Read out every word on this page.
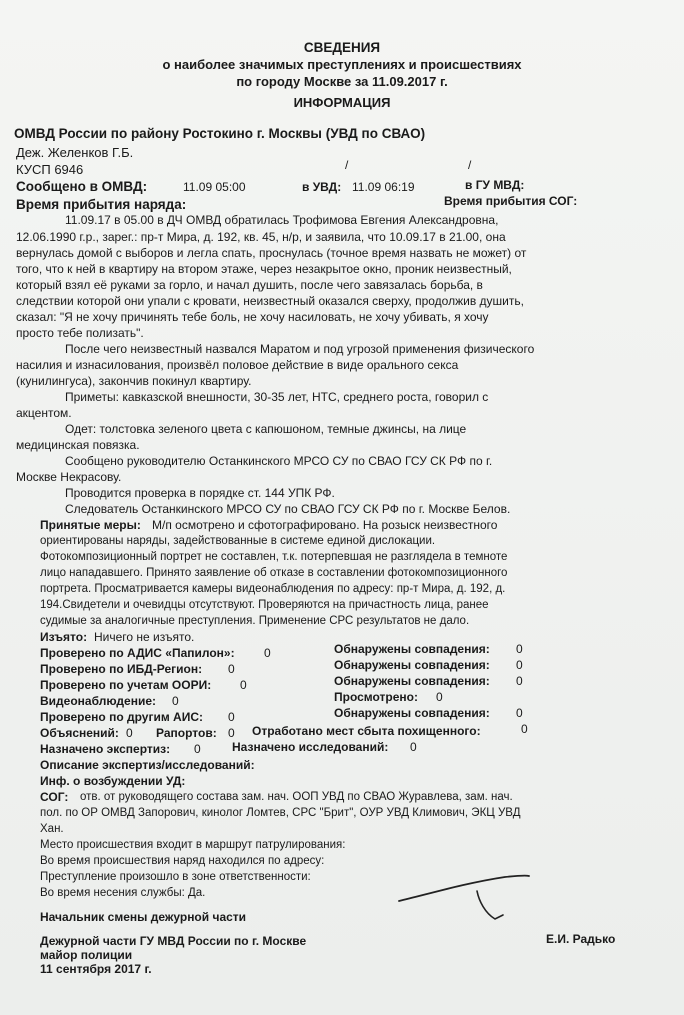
СВЕДЕНИЯ
о наиболее значимых преступлениях и происшествиях
по городу Москве за 11.09.2017 г.
ИНФОРМАЦИЯ
ОМВД России по району Ростокино г. Москвы (УВД по СВАО)
Деж. Желенков Г.Б.
КУСП 6946	/	/
Сообщено в ОМВД:	11.09 05:00	в УВД: 11.09 06:19	в ГУ МВД:
Время прибытия наряда:	Время прибытия СОГ:
11.09.17 в 05.00 в ДЧ ОМВД обратилась Трофимова Евгения Александровна,
12.06.1990 г.р., зарег.: пр-т Мира, д. 192, кв. 45, н/р, и заявила, что 10.09.17 в 21.00, она
вернулась домой с выборов и легла спать, проснулась (точное время назвать не может) от
того, что к ней в квартиру на втором этаже, через незакрытое окно, проник неизвестный,
который взял её руками за горло, и начал душить, после чего завязалась борьба, в
следствии которой они упали с кровати, неизвестный оказался сверху, продолжив душить,
сказал: "Я не хочу причинять тебе боль, не хочу насиловать, не хочу убивать, я хочу
просто тебе полизать".
После чего неизвестный назвался Маратом и под угрозой применения физического
насилия и изнасилования, произвёл половое действие в виде орального секса
(кунилингуса), закончив покинул квартиру.
Приметы: кавказской внешности, 30-35 лет, НТС, среднего роста, говорил с
акцентом.
Одет: толстовка зеленого цвета с капюшоном, темные джинсы, на лице
медицинская повязка.
Сообщено руководителю Останкинского МРСО СУ по СВАО ГСУ СК РФ по г.
Москве Некрасову.
Проводится проверка в порядке ст. 144 УПК РФ.
Следователь Останкинского МРСО СУ по СВАО ГСУ СК РФ по г. Москве Белов.
Принятые меры: М/п осмотрено и сфотографировано. На розыск неизвестного
ориентированы наряды, задействованные в системе единой дислокации.
Фотокомпозиционный портрет не составлен, т.к. потерпевшая не разглядела в темноте
лицо нападавшего. Принято заявление об отказе в составлении фотокомпозиционного
портрета. Просматривается камеры видеонаблюдения по адресу: пр-т Мира, д. 192, д.
194.Свидетели и очевидцы отсутствуют. Проверяются на причастность лица, ранее
судимые за аналогичные преступления. Применение СРС результатов не дало.
Изъято: Ничего не изъято.
Проверено по АДИС «Папилон»: 0	Обнаружены совпадения: 0
Проверено по ИБД-Регион: 0	Обнаружены совпадения: 0
Проверено по учетам ООРИ: 0	Обнаружены совпадения: 0
Видеонаблюдение: 0	Просмотрено: 0
Проверено по другим АИС: 0	Обнаружены совпадения: 0
Объяснений: 0 Рапортов: 0 Отработано мест сбыта похищенного:	0
Назначено экспертиз: 0	Назначено исследований: 0
Описание экспертиз/исследований:
Инф. о возбуждении УД:
СОГ: отв. от руководящего состава зам. нач. ООП УВД по СВАО Журавлева, зам. нач.
пол. по ОР ОМВД Запорович, кинолог Ломтев, СРС "Брит", ОУР УВД Климович, ЭКЦ УВД
Хан.
Место происшествия входит в маршрут патрулирования:
Во время происшествия наряд находился по адресу:
Преступление произошло в зоне ответственности:
Во время несения службы: Да.
Начальник смены дежурной части
Дежурной части ГУ МВД России по г. Москве
майор полиции
11 сентября 2017 г.
Е.И. Радько
